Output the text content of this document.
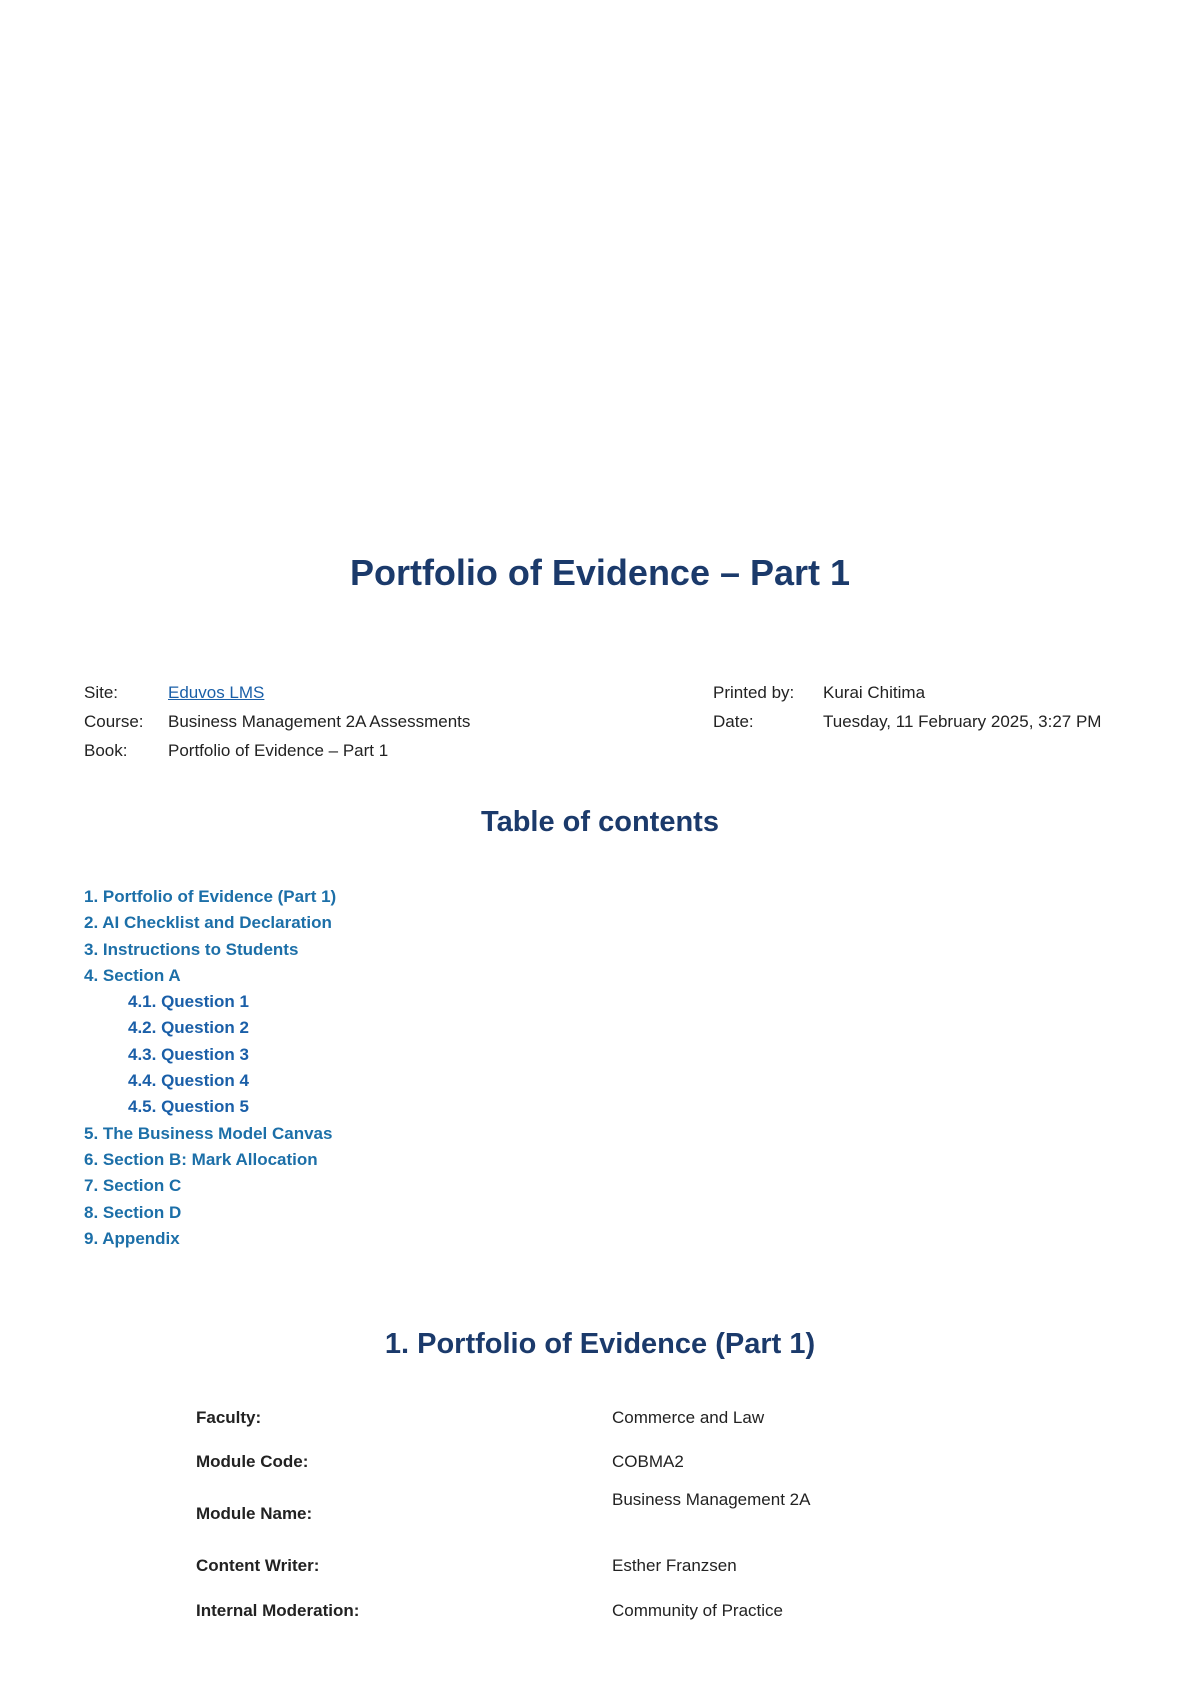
Portfolio of Evidence – Part 1
Site:	Eduvos LMS
Course:	Business Management 2A Assessments
Book:	Portfolio of Evidence – Part 1
Printed by:	Kurai Chitima
Date:	Tuesday, 11 February 2025, 3:27 PM
Table of contents
1. Portfolio of Evidence (Part 1)
2. AI Checklist and Declaration
3. Instructions to Students
4. Section A
4.1. Question 1
4.2. Question 2
4.3. Question 3
4.4. Question 4
4.5. Question 5
5. The Business Model Canvas
6. Section B: Mark Allocation
7. Section C
8. Section D
9. Appendix
1. Portfolio of Evidence (Part 1)
Faculty:	Commerce and Law
Module Code:	COBMA2
Module Name:
Business Management 2A
Content Writer:	Esther Franzsen
Internal Moderation:	Community of Practice
